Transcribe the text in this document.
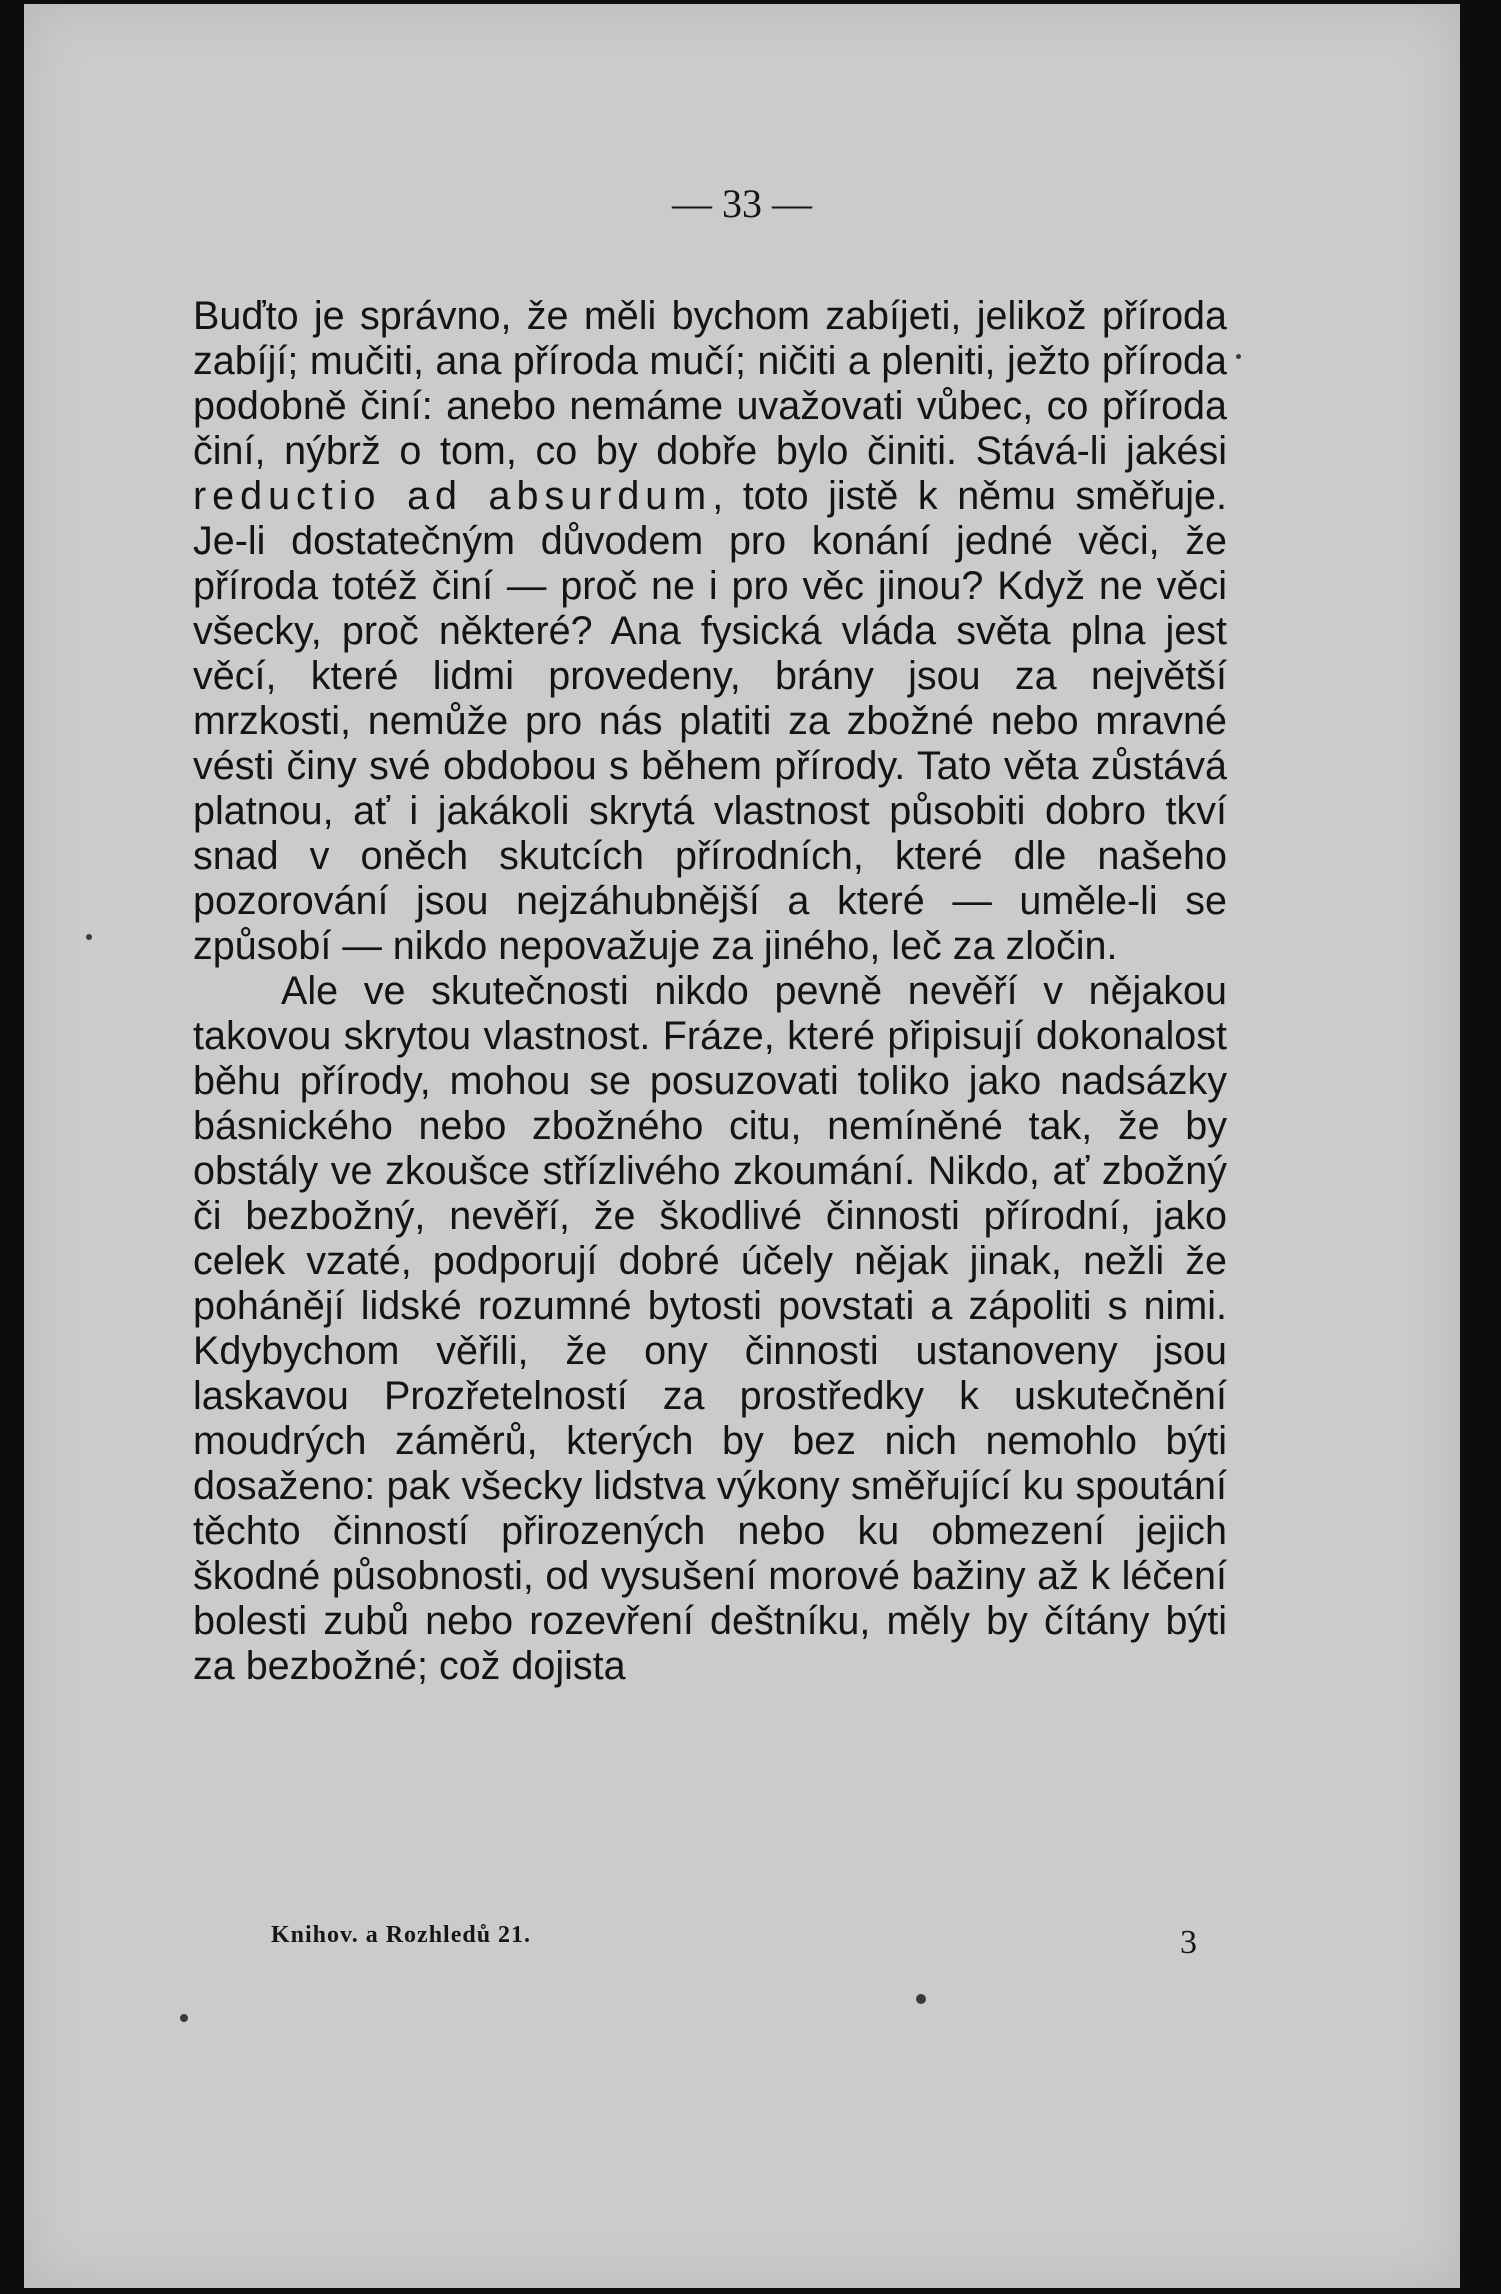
— 33 —

Buďto je správno, že měli bychom zabíjeti, jelikož příroda zabíjí; mučiti, ana příroda mučí; ničiti a pleniti, ježto příroda podobně činí: anebo nemáme uvažovati vůbec, co příroda činí, nýbrž o tom, co by dobře bylo činiti. Stává-li jakési reductio ad absurdum, toto jistě k němu směřuje. Je-li dostatečným důvodem pro konání jedné věci, že příroda totéž činí — proč ne i pro věc jinou? Když ne věci všecky, proč některé? Ana fysická vláda světa plna jest věcí, které lidmi provedeny, brány jsou za největší mrzkosti, nemůže pro nás platiti za zbožné nebo mravné vésti činy své obdobou s během přírody. Tato věta zůstává platnou, ať i jakákoli skrytá vlastnost působiti dobro tkví snad v oněch skutcích přírodních, které dle našeho pozorování jsou nejzáhubnější a které — uměle-li se způsobí — nikdo nepovažuje za jiného, leč za zločin.

Ale ve skutečnosti nikdo pevně nevěří v nějakou takovou skrytou vlastnost. Fráze, které připisují dokonalost běhu přírody, mohou se posuzovati toliko jako nadsázky básnického nebo zbožného citu, nemíněné tak, že by obstály ve zkoušce střízlivého zkoumání. Nikdo, ať zbožný či bezbožný, nevěří, že škodlivé činnosti přírodní, jako celek vzaté, podporují dobré účely nějak jinak, nežli že pohánějí lidské rozumné bytosti povstati a zápoliti s nimi. Kdybychom věřili, že ony činnosti ustanoveny jsou laskavou Prozřetelností za prostředky k uskutečnění moudrých záměrů, kterých by bez nich nemohlo býti dosaženo: pak všecky lidstva výkony směřující ku spoutání těchto činností přirozených nebo ku obmezení jejich škodné působnosti, od vysušení morové bažiny až k léčení bolesti zubů nebo rozevření deštníku, měly by čítány býti za bezbožné; což dojista

Knihov. a Rozhledů 21.	3
